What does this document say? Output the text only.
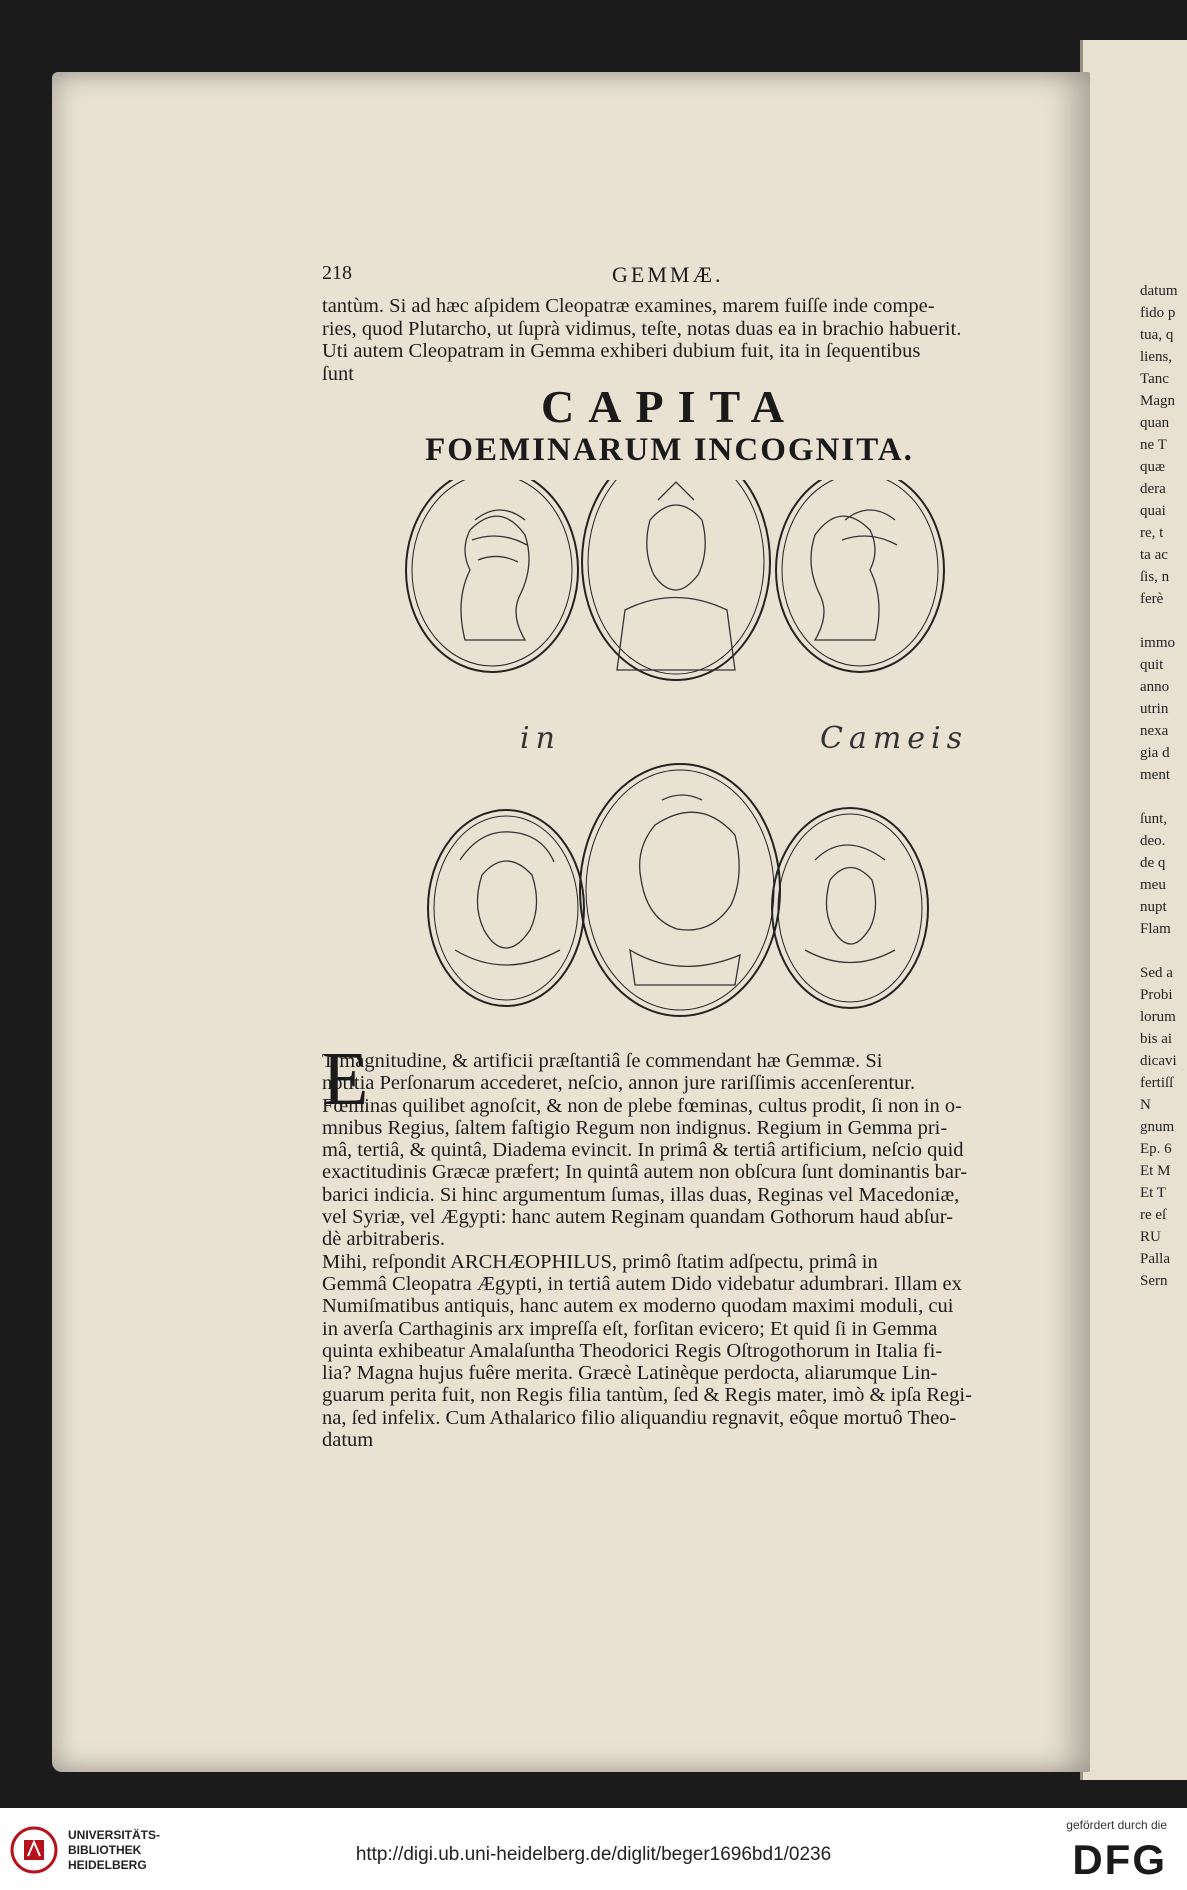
datum
fido p
tua, q
liens,
Tanc
Magn
quan
ne T
quæ
dera
quai
re, t
ta ac
ſis, n
ferè
immo
quit
anno
utrin
nexa
gia d
ment
ſunt,
deo.
de q
meu
nupt
Flam
Sed a
Probi
lorum
bis ai
dicavi
fertiſſ
N
gnum
Ep. 6
Et M
Et T
re eſ
RU
Palla
Sern
218	GEMMÆ.
tantùm. Si ad hæc aſpidem Cleopatræ examines, marem fuiſſe inde compe-
ries, quod Plutarcho, ut ſuprà vidimus, teſte, notas duas ea in brachio habuerit.
Uti autem Cleopatram in Gemma exhiberi dubium fuit, ita in ſequentibus
ſunt
CAPITA
FOEMINARUM INCOGNITA.
in	Cameis
E
T magnitudine, & artificii præſtantiâ ſe commendant hæ Gemmæ. Si
notitia Perſonarum accederet, neſcio, annon jure rariſſimis accenſerentur.
Fœminas quilibet agnoſcit, & non de plebe fœminas, cultus prodit, ſi non in o-
mnibus Regius, ſaltem faſtigio Regum non indignus. Regium in Gemma pri-
mâ, tertiâ, & quintâ, Diadema evincit. In primâ & tertiâ artificium, neſcio quid
exactitudinis Græcæ præfert; In quintâ autem non obſcura ſunt dominantis bar-
barici indicia. Si hinc argumentum ſumas, illas duas, Reginas vel Macedoniæ,
vel Syriæ, vel Ægypti: hanc autem Reginam quandam Gothorum haud abſur-
dè arbitraberis.
Mihi, reſpondit ARCHÆOPHILUS, primô ſtatim adſpectu, primâ in
Gemmâ Cleopatra Ægypti, in tertiâ autem Dido videbatur adumbrari. Illam ex
Numiſmatibus antiquis, hanc autem ex moderno quodam maximi moduli, cui
in averſa Carthaginis arx impreſſa eſt, forſitan evicero; Et quid ſi in Gemma
quinta exhibeatur Amalaſuntha Theodorici Regis Oſtrogothorum in Italia fi-
lia? Magna hujus fuêre merita. Græcè Latinèque perdocta, aliarumque Lin-
guarum perita fuit, non Regis filia tantùm, ſed & Regis mater, imò & ipſa Regi-
na, ſed infelix. Cum Athalarico filio aliquandiu regnavit, eôque mortuô Theo-
datum
UNIVERSITÄTS-
BIBLIOTHEK
HEIDELBERG	http://digi.ub.uni-heidelberg.de/diglit/beger1696bd1/0236
gefördert durch die
DFG
